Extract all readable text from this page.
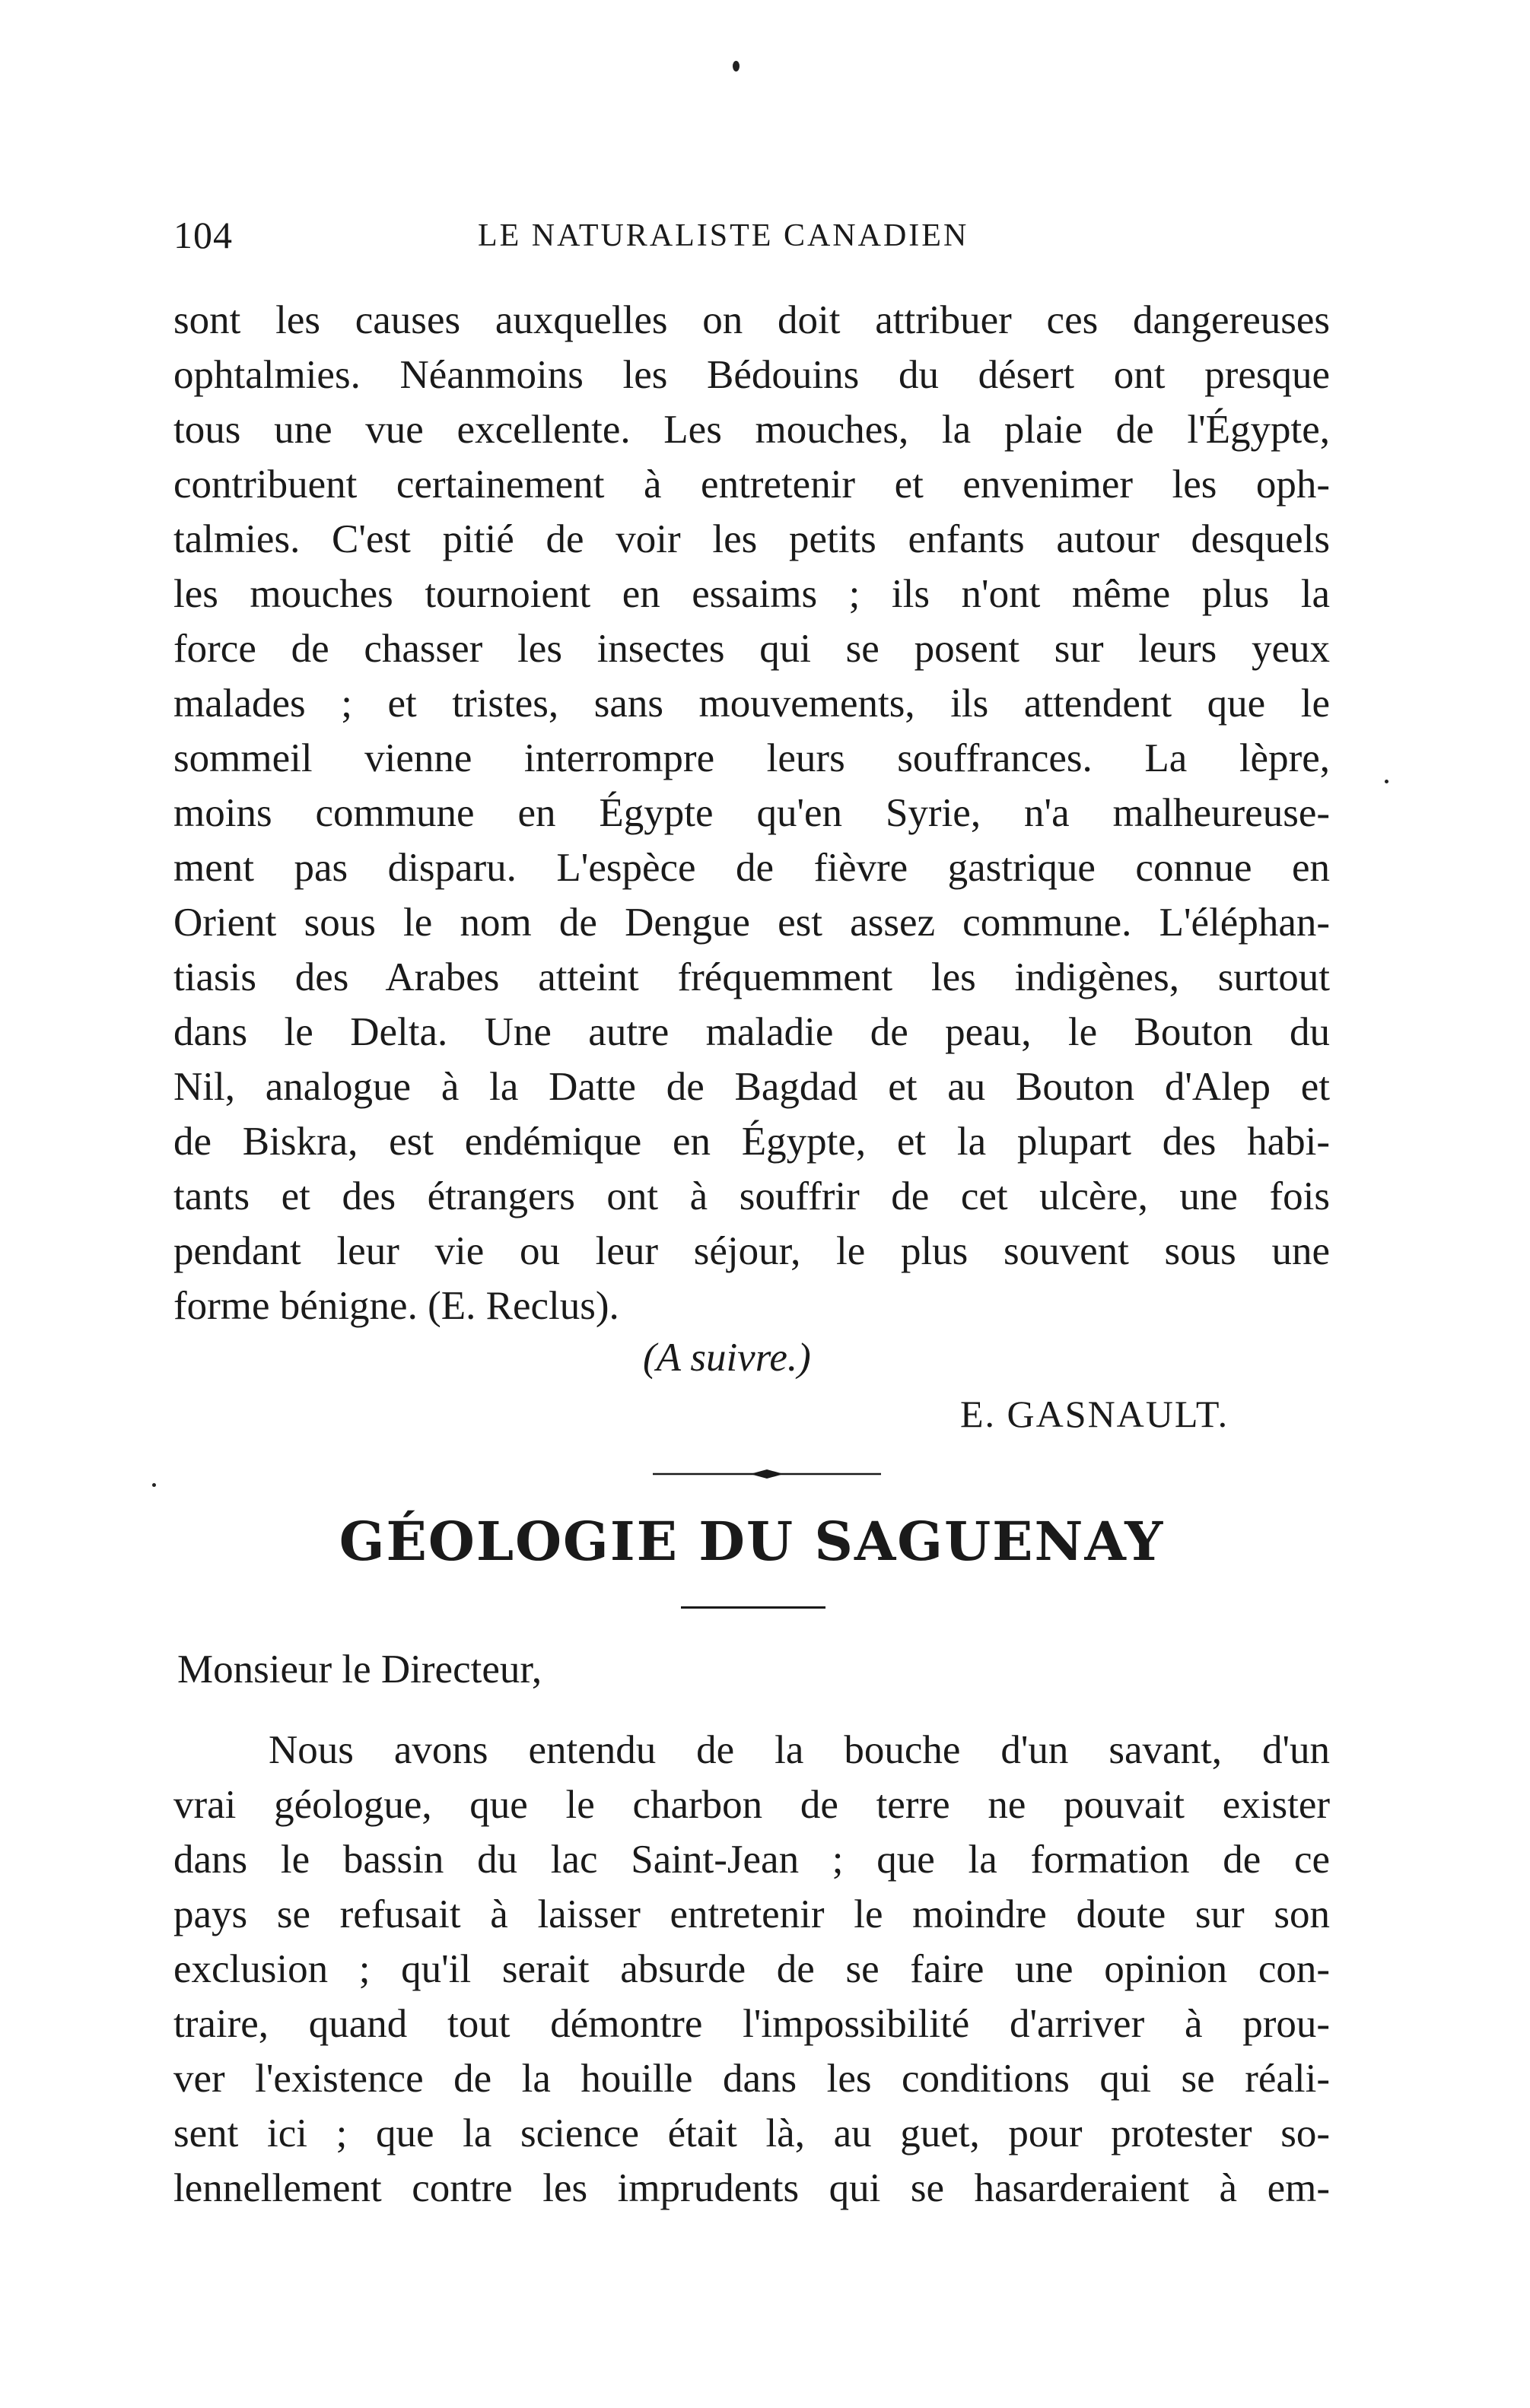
104	LE NATURALISTE CANADIEN
sont les causes auxquelles on doit attribuer ces dangereuses
ophtalmies. Néanmoins les Bédouins du désert ont presque
tous une vue excellente. Les mouches, la plaie de l'Égypte,
contribuent certainement à entretenir et envenimer les oph-
talmies. C'est pitié de voir les petits enfants autour desquels
les mouches tournoient en essaims ; ils n'ont même plus la
force de chasser les insectes qui se posent sur leurs yeux
malades ; et tristes, sans mouvements, ils attendent que le
sommeil vienne interrompre leurs souffrances. La lèpre,
moins commune en Égypte qu'en Syrie, n'a malheureuse-
ment pas disparu. L'espèce de fièvre gastrique connue en
Orient sous le nom de Dengue est assez commune. L'éléphan-
tiasis des Arabes atteint fréquemment les indigènes, surtout
dans le Delta. Une autre maladie de peau, le Bouton du
Nil, analogue à la Datte de Bagdad et au Bouton d'Alep et
de Biskra, est endémique en Égypte, et la plupart des habi-
tants et des étrangers ont à souffrir de cet ulcère, une fois
pendant leur vie ou leur séjour, le plus souvent sous une
forme bénigne. (E. Reclus).
(A suivre.)
E. GASNAULT.
GÉOLOGIE DU SAGUENAY
Monsieur le Directeur,
Nous avons entendu de la bouche d'un savant, d'un
vrai géologue, que le charbon de terre ne pouvait exister
dans le bassin du lac Saint-Jean ; que la formation de ce
pays se refusait à laisser entretenir le moindre doute sur son
exclusion ; qu'il serait absurde de se faire une opinion con-
traire, quand tout démontre l'impossibilité d'arriver à prou-
ver l'existence de la houille dans les conditions qui se réali-
sent ici ; que la science était là, au guet, pour protester so-
lennellement contre les imprudents qui se hasarderaient à em-
